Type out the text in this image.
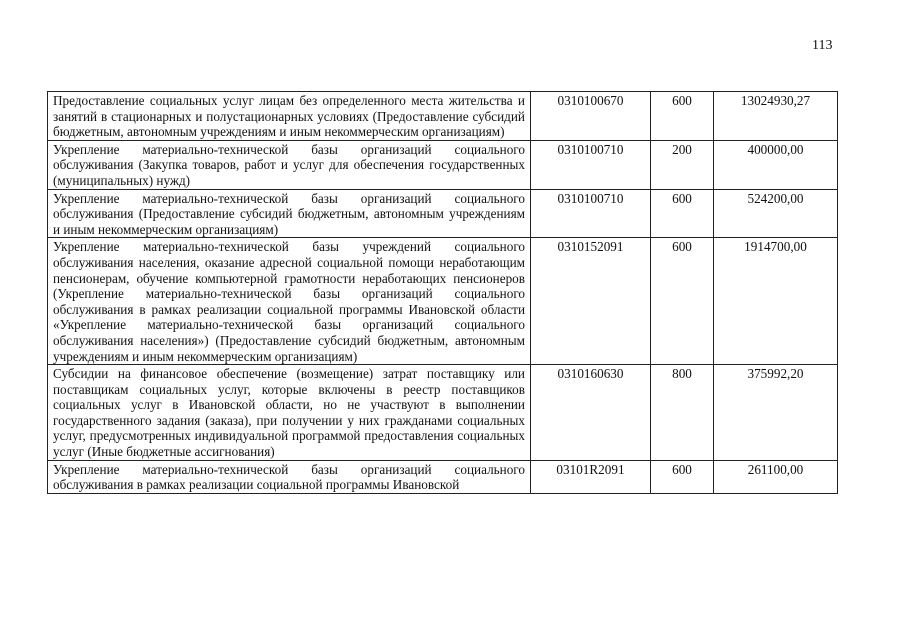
113
Предоставление социальных услуг лицам без определенного места жительства и занятий в стационарных и полустационарных условиях (Предоставление субсидий бюджетным, автономным учреждениям и иным некоммерческим организациям)	0310100670	600	13024930,27

Укрепление материально-технической базы организаций социального обслуживания (Закупка товаров, работ и услуг для обеспечения государственных (муниципальных) нужд)	0310100710	200	400000,00

Укрепление материально-технической базы организаций социального обслуживания (Предоставление субсидий бюджетным, автономным учреждениям и иным некоммерческим организациям)	0310100710	600	524200,00

Укрепление материально-технической базы учреждений социального обслуживания населения, оказание адресной социальной помощи неработающим пенсионерам, обучение компьютерной грамотности неработающих пенсионеров (Укрепление материально-технической базы организаций социального обслуживания в рамках реализации социальной программы Ивановской области «Укрепление материально-технической базы организаций социального обслуживания населения») (Предоставление субсидий бюджетным, автономным учреждениям и иным некоммерческим организациям)	0310152091	600	1914700,00

Субсидии на финансовое обеспечение (возмещение) затрат поставщику или поставщикам социальных услуг, которые включены в реестр поставщиков социальных услуг в Ивановской области, но не участвуют в выполнении государственного задания (заказа), при получении у них гражданами социальных услуг, предусмотренных индивидуальной программой предоставления социальных услуг (Иные бюджетные ассигнования)	0310160630	800	375992,20

Укрепление материально-технической базы организаций социального обслуживания в рамках реализации социальной программы Ивановской	03101R2091	600	261100,00
